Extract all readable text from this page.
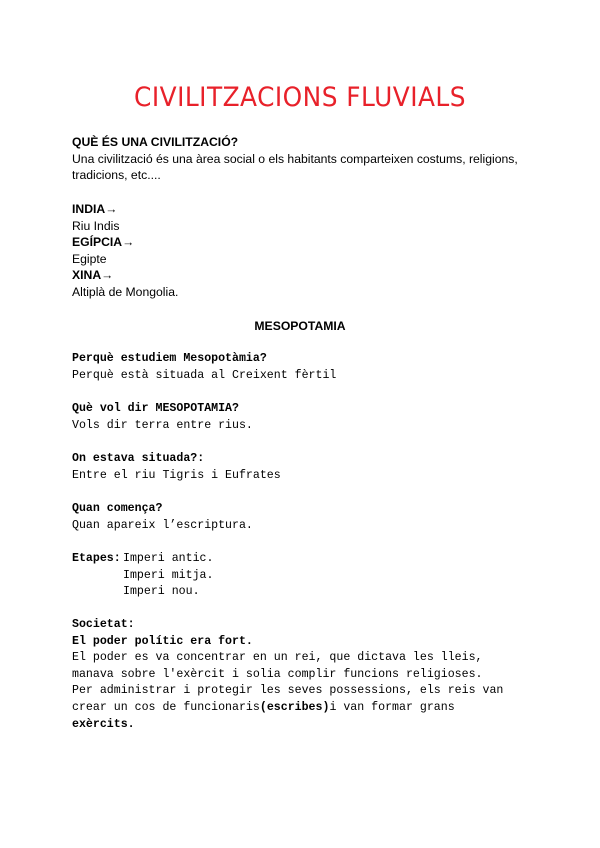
CIVILITZACIONS FLUVIALS
QUÈ ÉS UNA CIVILITZACIÓ?
Una civilització és una àrea social o els habitants comparteixen costums, religions,
tradicions, etc....
INDIA→
Riu Indis
EGÍPCIA→
Egipte
XINA→
Altiplà de Mongolia.
MESOPOTAMIA
Perquè estudiem Mesopotàmia?
Perquè està situada al Creixent fèrtil
Què vol dir MESOPOTAMIA?
Vols dir terra entre rius.
On estava situada?:
Entre el riu Tigris i Eufrates
Quan comença?
Quan apareix l’escriptura.
Etapes: Imperi antic.
Imperi mitja.
Imperi nou.
Societat:
El poder polític era fort.
El poder es va concentrar en un rei, que dictava les lleis,
manava sobre l'exèrcit i solia complir funcions religioses.
Per administrar i protegir les seves possessions, els reis van
crear un cos de funcionaris(escribes)i van formar grans
exèrcits.
